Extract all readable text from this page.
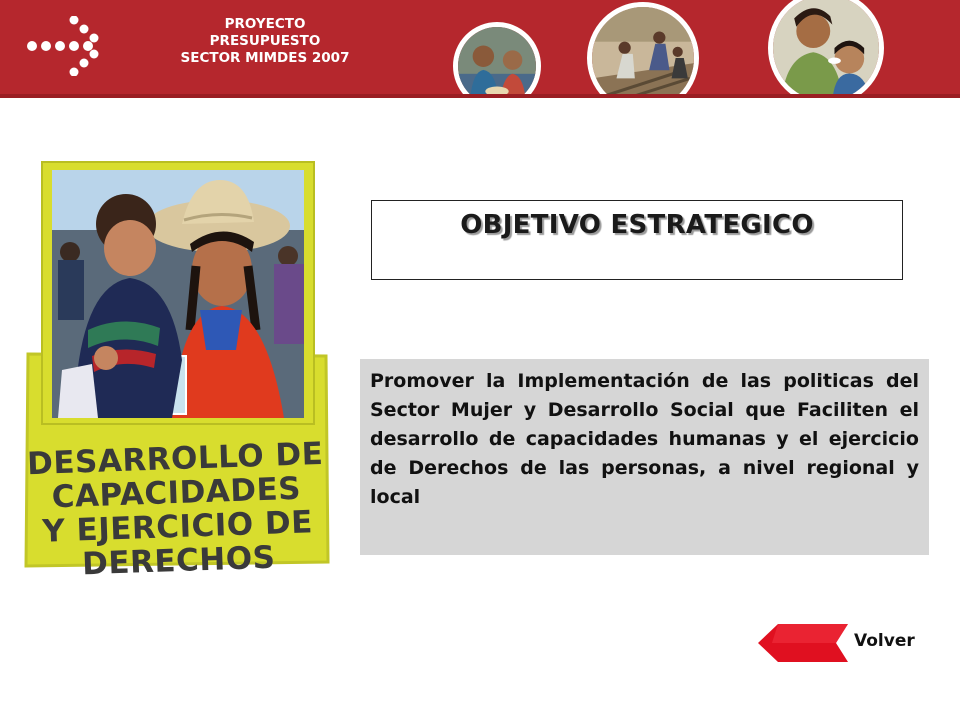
PROYECTO
PRESUPUESTO
SECTOR MIMDES 2007
DESARROLLO DE
CAPACIDADES
Y EJERCICIO DE
DERECHOS
OBJETIVO ESTRATEGICO
Promover la Implementación de las politicas del Sector Mujer y Desarrollo Social que Faciliten el desarrollo de capacidades humanas y el ejercicio de Derechos de las personas, a nivel regional y local
Volver
